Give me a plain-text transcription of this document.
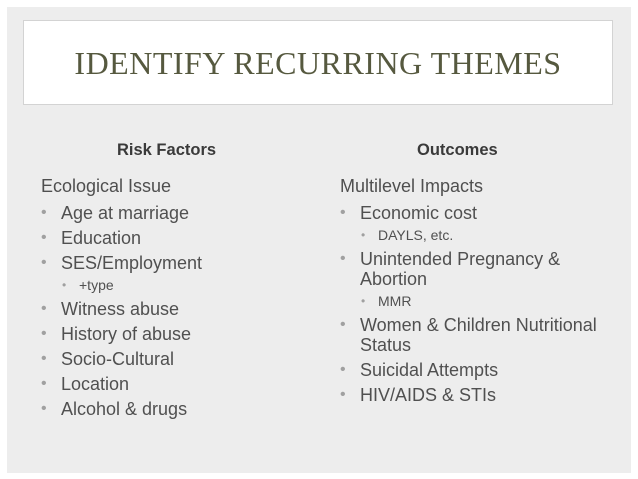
IDENTIFY RECURRING THEMES
Risk Factors	Outcomes
Ecological Issue
• Age at marriage
• Education
• SES/Employment
• +type
• Witness abuse
• History of abuse
• Socio-Cultural
• Location
• Alcohol & drugs
Multilevel Impacts
• Economic cost
• DAYLS, etc.
• Unintended Pregnancy & Abortion
• MMR
• Women & Children Nutritional Status
• Suicidal Attempts
• HIV/AIDS & STIs
